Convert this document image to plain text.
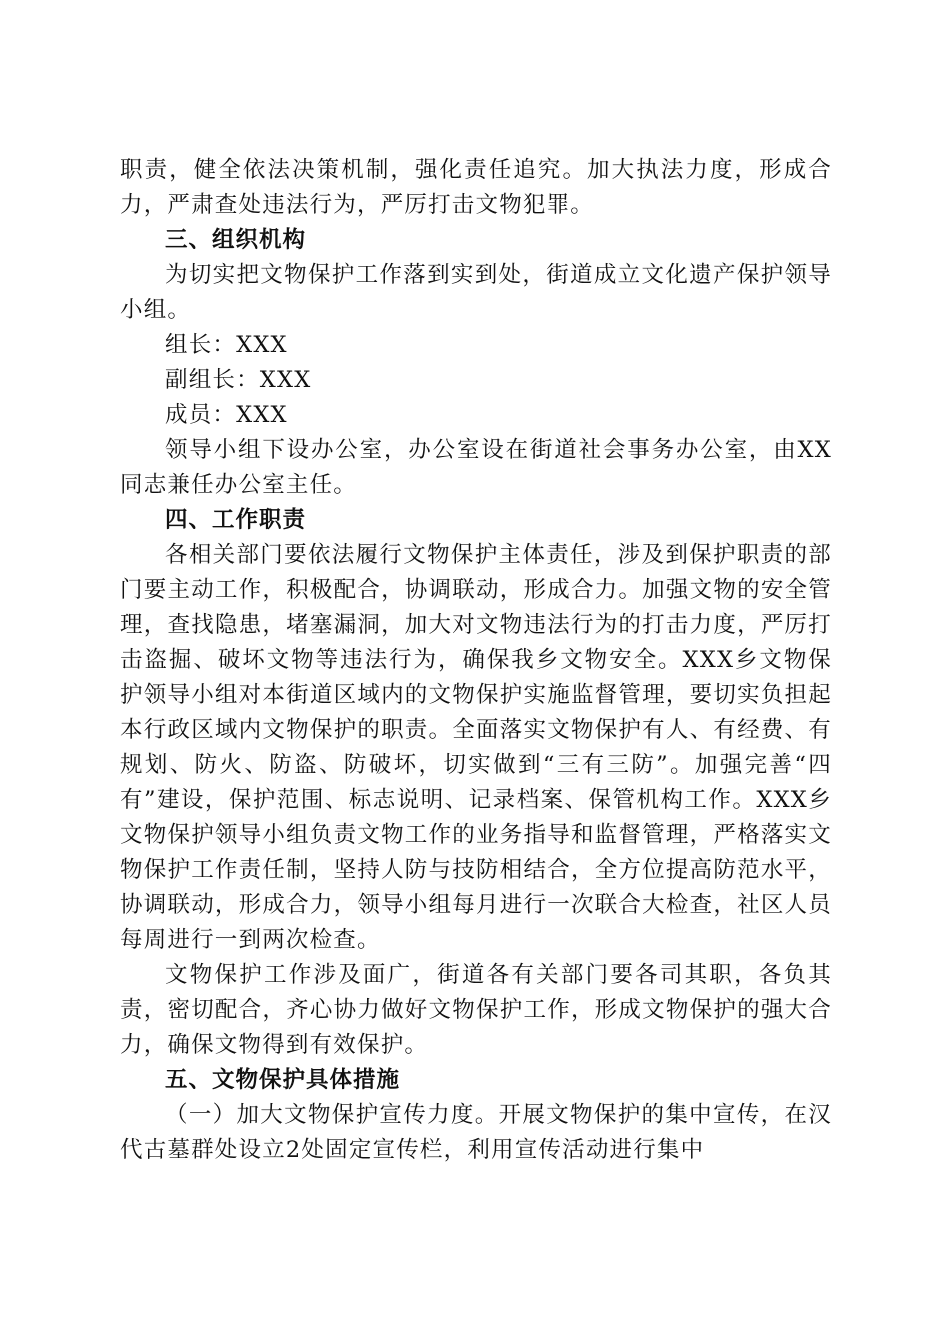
职责，健全依法决策机制，强化责任追究。加大执法力度，形成合力，严肃查处违法行为，严厉打击文物犯罪。

三、组织机构

为切实把文物保护工作落到实到处，街道成立文化遗产保护领导小组。

组长：XXX

副组长：XXX

成员：XXX

领导小组下设办公室，办公室设在街道社会事务办公室，由XX同志兼任办公室主任。

四、工作职责

各相关部门要依法履行文物保护主体责任，涉及到保护职责的部门要主动工作，积极配合，协调联动，形成合力。加强文物的安全管理，查找隐患，堵塞漏洞，加大对文物违法行为的打击力度，严厉打击盗掘、破坏文物等违法行为，确保我乡文物安全。XXX乡文物保护领导小组对本街道区域内的文物保护实施监督管理，要切实负担起本行政区域内文物保护的职责。全面落实文物保护有人、有经费、有规划、防火、防盗、防破坏，切实做到“三有三防”。加强完善“四有”建设，保护范围、标志说明、记录档案、保管机构工作。XXX乡文物保护领导小组负责文物工作的业务指导和监督管理，严格落实文物保护工作责任制，坚持人防与技防相结合，全方位提高防范水平，协调联动，形成合力，领导小组每月进行一次联合大检查，社区人员每周进行一到两次检查。

文物保护工作涉及面广，街道各有关部门要各司其职，各负其责，密切配合，齐心协力做好文物保护工作，形成文物保护的强大合力，确保文物得到有效保护。

五、文物保护具体措施

（一）加大文物保护宣传力度。开展文物保护的集中宣传，在汉代古墓群处设立2处固定宣传栏，利用宣传活动进行集中
